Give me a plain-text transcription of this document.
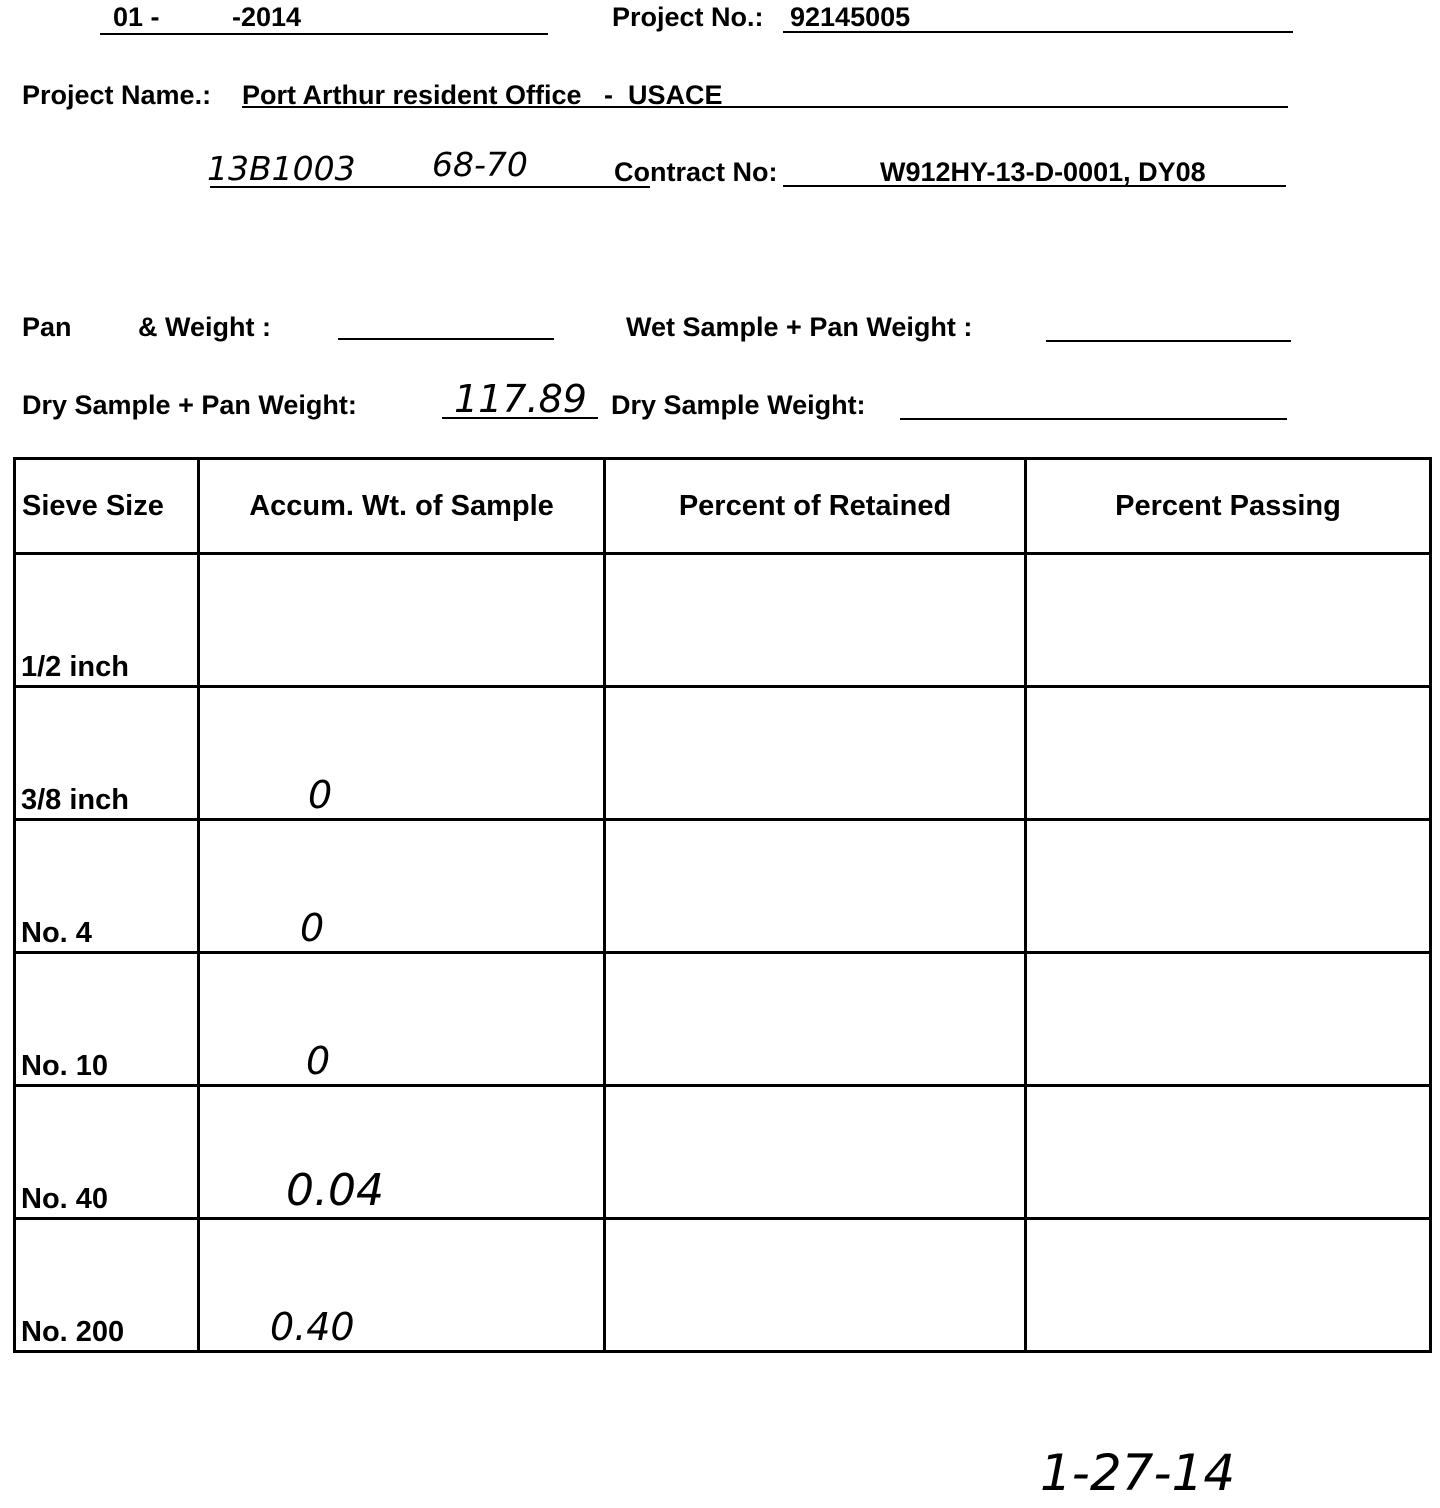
01 -	-2014	Project No.: 92145005
Project Name.: Port Arthur resident Office   -  USACE
13B1003 68-70	Contract No:	W912HY-13-D-0001, DY08
Pan & Weight :	Wet Sample + Pan Weight :
Dry Sample + Pan Weight:	117.89 Dry Sample Weight:
Sieve Size	Accum. Wt. of Sample	Percent of Retained	Percent Passing

1/2 inch			

3/8 inch	0		

No. 4	0		

No. 10	0		

No. 40	0.04		

No. 200	0.40		

1-27-14
